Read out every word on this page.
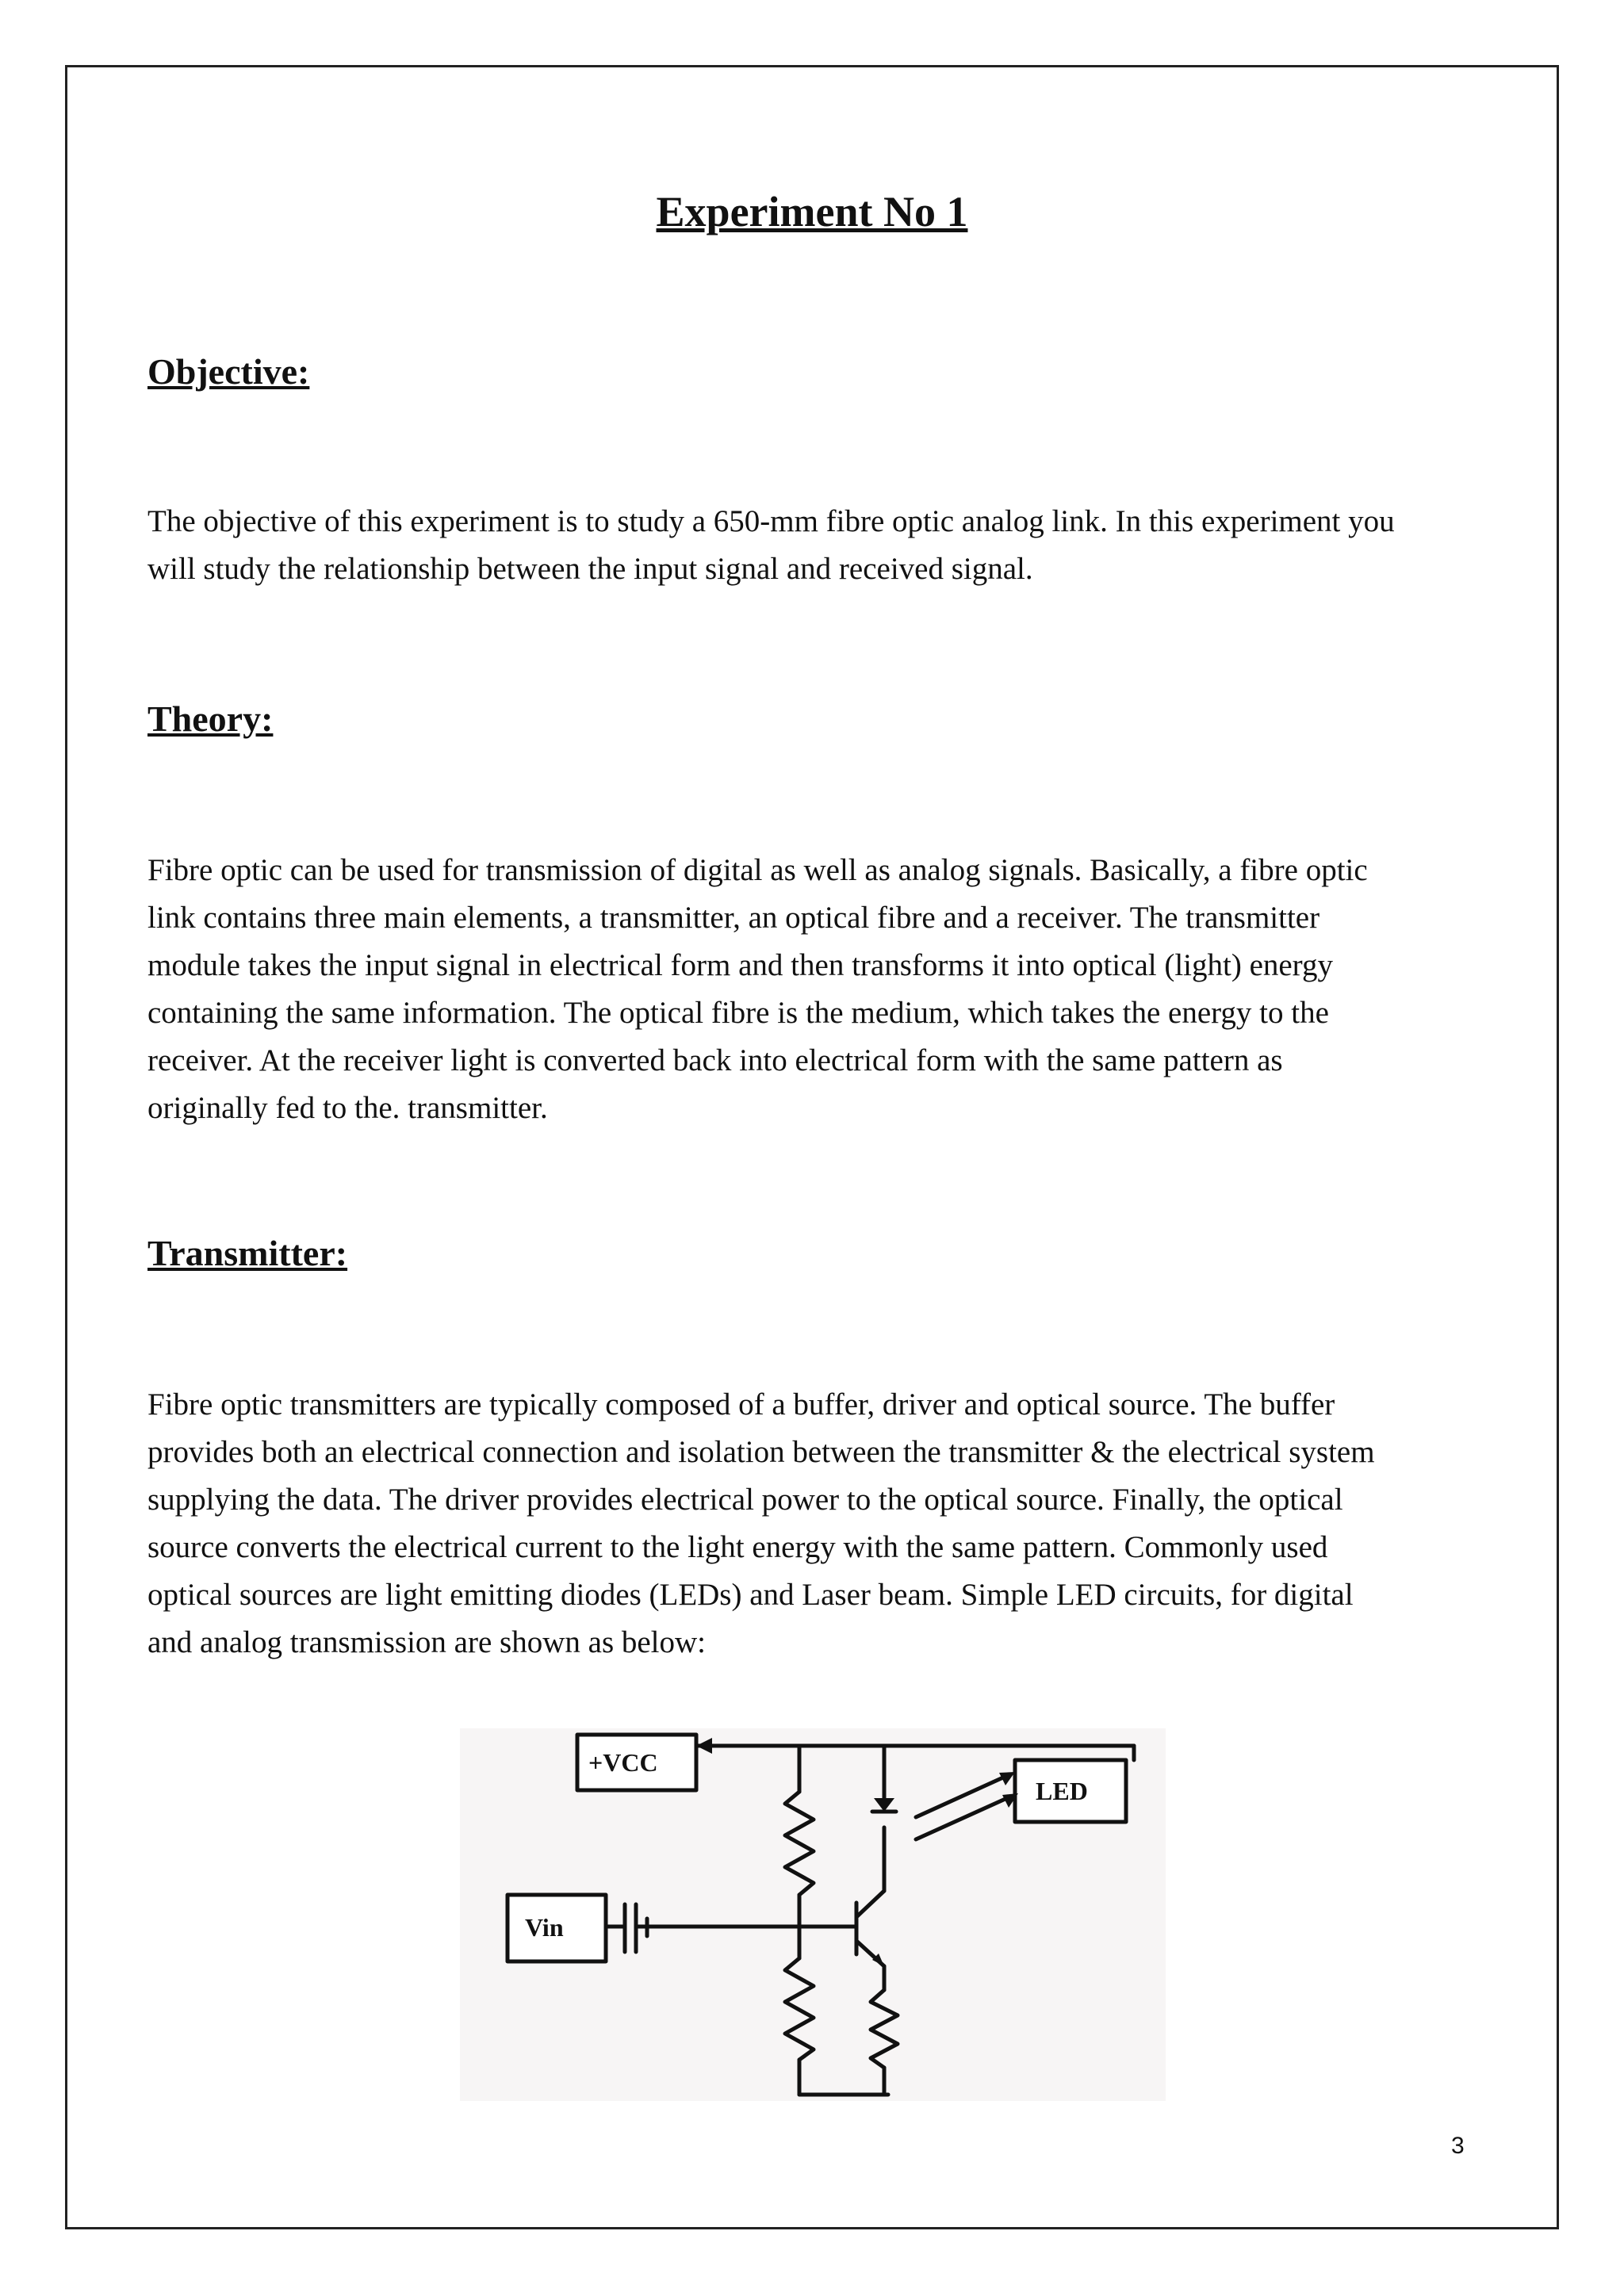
Experiment No 1
Objective:

The objective of this experiment is to study a 650-mm fibre optic analog link. In this experiment you
will study the relationship between the input signal and received signal.

Theory:

Fibre optic can be used for transmission of digital as well as analog signals. Basically, a fibre optic
link contains three main elements, a transmitter, an optical fibre and a receiver. The transmitter
module takes the input signal in electrical form and then transforms it into optical (light) energy
containing the same information. The optical fibre is the medium, which takes the energy to the
receiver. At the receiver light is converted back into electrical form with the same pattern as
originally fed to the. transmitter.

Transmitter:

Fibre optic transmitters are typically composed of a buffer, driver and optical source. The buffer
provides both an electrical connection and isolation between the transmitter & the electrical system
supplying the data. The driver provides electrical power to the optical source. Finally, the optical
source converts the electrical current to the light energy with the same pattern. Commonly used
optical sources are light emitting diodes (LEDs) and Laser beam. Simple LED circuits, for digital
and analog transmission are shown as below:

+VCC
LED
Vin
3
